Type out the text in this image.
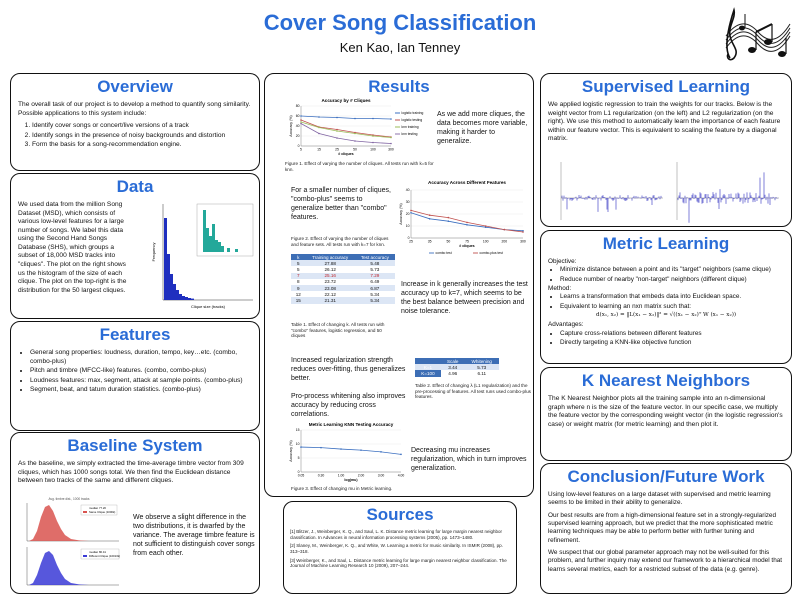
Cover Song Classification
Ken Kao, Ian Tenney
Overview

The overall task of our project is to develop a method to quantify song similarity. Possible applications to this system include:

1. Identify cover songs or concert/live versions of a track
2. Identify songs in the presence of noisy backgrounds and distortion
3. Form the basis for a song-recommendation engine.
Data

We used data from the million Song Dataset (MSD), which consists of various low-level features for a large number of songs. We label this data using the Second Hand Songs Database (SHS), which groups a subset of 18,000 MSD tracks into "cliques". The plot on the right shows us the histogram of the size of each clique. The plot on the top-right is the distribution for the 50 largest cliques.

Frequency
Clique size (tracks)
Features
• General song properties: loudness, duration, tempo, key…etc. (combo, combo-plus)
• Pitch and timbre (MFCC-like) features. (combo, combo-plus)
• Loudness features: max, segment, attack at sample points. (combo-plus)
• Segment, beat, and tatum duration statistics. (combo-plus)
Baseline System

As the baseline, we simply extracted the time-average timbre vector from 309 cliques, which has 1000 songs total. We then find the Euclidean distance between two tracks of the same and different cliques.

Avg. timbre dist., 1000 tracks
median 77.20
Same Clique (1000k)
median 80.41
Different Clique (10013k)
We observe a slight difference in the two distributions, it is dwarfed by the variance. The average timbre feature is not sufficient to distinguish cover songs from each other.
Results
Accuracy by # Cliques
0
20
40
60
80
5	15	25	50	100	300
# cliques
Accuracy (%)
logistic training
logistic testing
knn training
knn testing
Figure 1. Effect of varying the number of cliques. All tests run with k=5 for knn.
As we add more cliques, the data becomes more variable, making it harder to generalize.
For a smaller number of cliques, "combo-plus" seems to generalize better than "combo" features.
Accuracy Across Different Features
0
10
20
30
40
25	35	50	75	100	200	300
# cliques
Accuracy (%)
combo test	combo-plus test
Figure 2. Effect of varying the number of cliques and feature sets. All tests run with k=7 for knn.
k	Training accuracy	Test accuracy
5	27.88	5.48
5	26.12	5.73
7	25.16	7.29
8	23.72	6.49
9	23.08	6.87
12	22.12	5.34
15	21.31	5.34
Table 1. Effect of changing k. All tests run with "combo" features, logistic regression, and 50 cliques
Increase in k generally increases the test accuracy up to k=7, which seems to be the best balance between precision and noise tolerance.
Increased regularization strength reduces over-fitting, thus generalizes better.
Pro-process whitening also improves accuracy by reducing cross correlations.
	Scale	Whitening
K=1	3.44	5.73
K=100	4.96	6.11
Table 2. Effect of changing λ (L1 regularization) and the pre-processing of features. All test runs used combo-plus features.
Metric Learning KNN Testing Accuracy
0
5
10
15
0.05	0.30	1.00	2.00	3.00	4.00
log(mu)
Accuracy (%)
Figure 3. Effect of changing mu in Metric learning.
Decreasing mu increases regularization, which in turn improves generalization.
Sources

[1] Blitzer, J., Weinberger, K. Q., and Saul, L. K. Distance metric learning for large margin nearest neighbor classification. In Advances in neural information processing systems (2005), pp. 1473–1480.

[2] Slaney, M., Weinberger, K. Q., and White, W. Learning a metric for music similarity. In ISMIR (2008), pp. 313–318.

[3] Weinberger, K., and Saul, L. Distance metric learning for large margin nearest neighbor classification. The Journal of Machine Learning Research 10 (2009), 207–244.

Supervised Learning

We applied logistic regression to train the weights for our tracks. Below is the weight vector from L1 regularization (on the left) and L2 regularization (on the right). We use this method to automatically learn the importance of each feature within our feature vector. This is equivalent to scaling the feature by a diagonal matrix.

Metric Learning
Objective:
• Minimize distance between a point and its "target" neighbors (same clique)
• Reduce number of nearby "non-target" neighbors (different clique)
Method:
• Learns a transformation that embeds data into Euclidean space.
• Equivalent to learning an nxn matrix such that:
d(x₁, x₂) = ‖L(x₁ − x₂)‖² = √((x₁ − x₂)ᵀ W (x₁ − x₂))
Advantages:
• Capture cross-relations between different features
• Directly targeting a KNN-like objective function
K Nearest Neighbors

The K Nearest Neighbor plots all the training sample into an n-dimensional graph where n is the size of the feature vector. In our specific case, we multiply the feature vector by the corresponding weight vector (in the logistic regression's case) or weight matrix (for metric learning) and then plot it.

Conclusion/Future Work

Using low-level features on a large dataset with supervised and metric learning seems to be limited in their ability to generalize.

Our best results are from a high-dimensional feature set in a strongly-regularized supervised learning approach, but we predict that the more sophisticated metric learning techniques may be able to perform better with further tuning and refinement.

We suspect that our global parameter approach may not be well-suited for this problem, and further inquiry may extend our framework to a hierarchical model that learns several metrics, each for a restricted subset of the data (e.g. genre).
